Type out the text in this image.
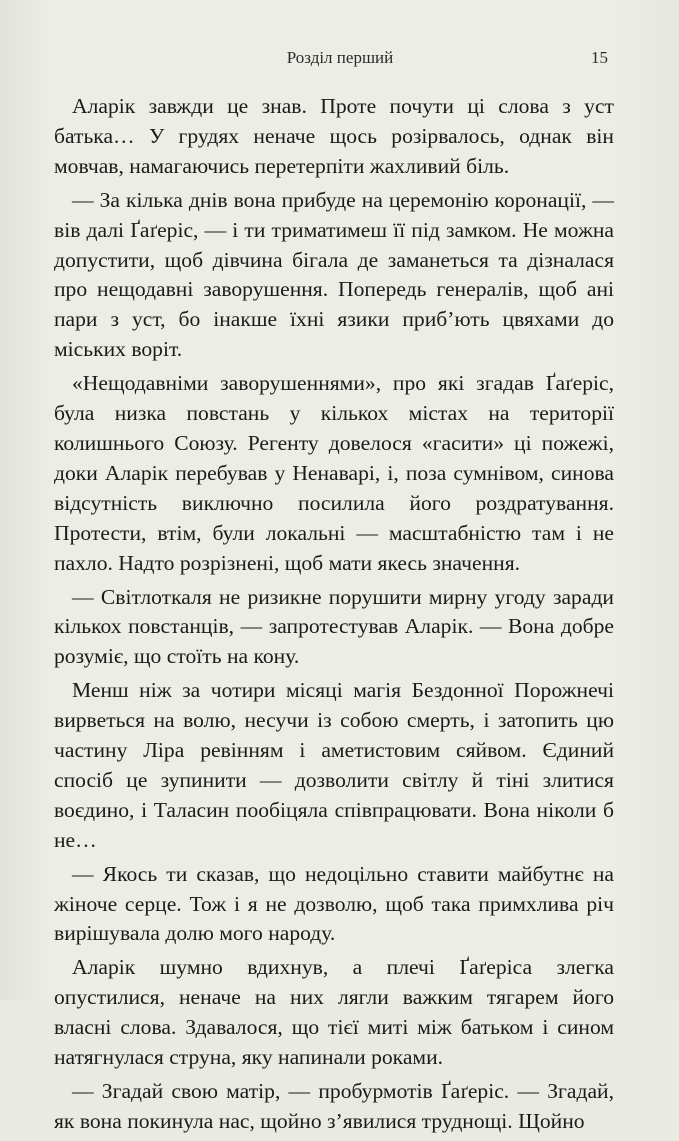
Розділ перший	15

Аларік завжди це знав. Проте почути ці слова з уст батька… У грудях неначе щось розірвалось, однак він мовчав, намагаючись перетерпіти жахливий біль.

— За кілька днів вона прибуде на церемонію коронації, — вів далі Ґаґеріс, — і ти триматимеш її під замком. Не можна допустити, щоб дівчина бігала де заманеться та дізналася про нещодавні заворушення. Попередь генералів, щоб ані пари з уст, бо інакше їхні язики приб’ють цвяхами до міських воріт.

«Нещодавніми заворушеннями», про які згадав Ґаґеріс, була низка повстань у кількох містах на території колишнього Союзу. Регенту довелося «гасити» ці пожежі, доки Аларік перебував у Ненаварі, і, поза сумнівом, синова відсутність виключно посилила його роздратування. Протести, втім, були локальні — масштабністю там і не пахло. Надто розрізнені, щоб мати якесь значення.

— Світлоткаля не ризикне порушити мирну угоду заради кількох повстанців, — запротестував Аларік. — Вона добре розуміє, що стоїть на кону.

Менш ніж за чотири місяці магія Бездонної Порожнечі вирветься на волю, несучи із собою смерть, і затопить цю частину Ліра ревінням і аметистовим сяйвом. Єдиний спосіб це зупинити — дозволити світлу й тіні злитися воєдино, і Таласин пообіцяла співпрацювати. Вона ніколи б не…

— Якось ти сказав, що недоцільно ставити майбутнє на жіноче серце. Тож і я не дозволю, щоб така примхлива річ вирішувала долю мого народу.

Аларік шумно вдихнув, а плечі Ґаґеріса злегка опустилися, неначе на них лягли важким тягарем його власні слова. Здавалося, що тієї миті між батьком і сином натягнулася струна, яку напинали роками.

— Згадай свою матір, — пробурмотів Ґаґеріс. — Згадай, як вона покинула нас, щойно з’явилися труднощі. Щойно
